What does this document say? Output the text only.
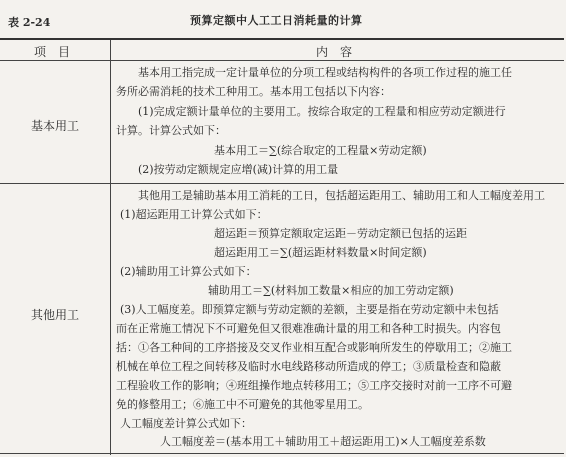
表 2-24	预算定额中人工工日消耗量的计算
项　目	内　容
基本用工
基本用工指完成一定计量单位的分项工程或结构构件的各项工作过程的施工任
务所必需消耗的技术工种用工。基本用工包括以下内容：
(1)完成定额计量单位的主要用工。按综合取定的工程量和相应劳动定额进行
计算。计算公式如下：
基本用工＝∑(综合取定的工程量×劳动定额)
(2)按劳动定额规定应增(减)计算的用工量
其他用工
其他用工是辅助基本用工消耗的工日，包括超运距用工、辅助用工和人工幅度差用工
(1)超运距用工计算公式如下：
超运距＝预算定额取定运距－劳动定额已包括的运距
超运距用工＝∑(超运距材料数量×时间定额)
(2)辅助用工计算公式如下：
辅助用工＝∑(材料加工数量×相应的加工劳动定额)
(3)人工幅度差。即预算定额与劳动定额的差额，主要是指在劳动定额中未包括
而在正常施工情况下不可避免但又很难准确计量的用工和各种工时损失。内容包
括：①各工种间的工序搭接及交叉作业相互配合或影响所发生的停歇用工；②施工
机械在单位工程之间转移及临时水电线路移动所造成的停工；③质量检查和隐蔽
工程验收工作的影响；④班组操作地点转移用工；⑤工序交接时对前一工序不可避
免的修整用工；⑥施工中不可避免的其他零星用工。
人工幅度差计算公式如下：
人工幅度差＝(基本用工＋辅助用工＋超运距用工)×人工幅度差系数
